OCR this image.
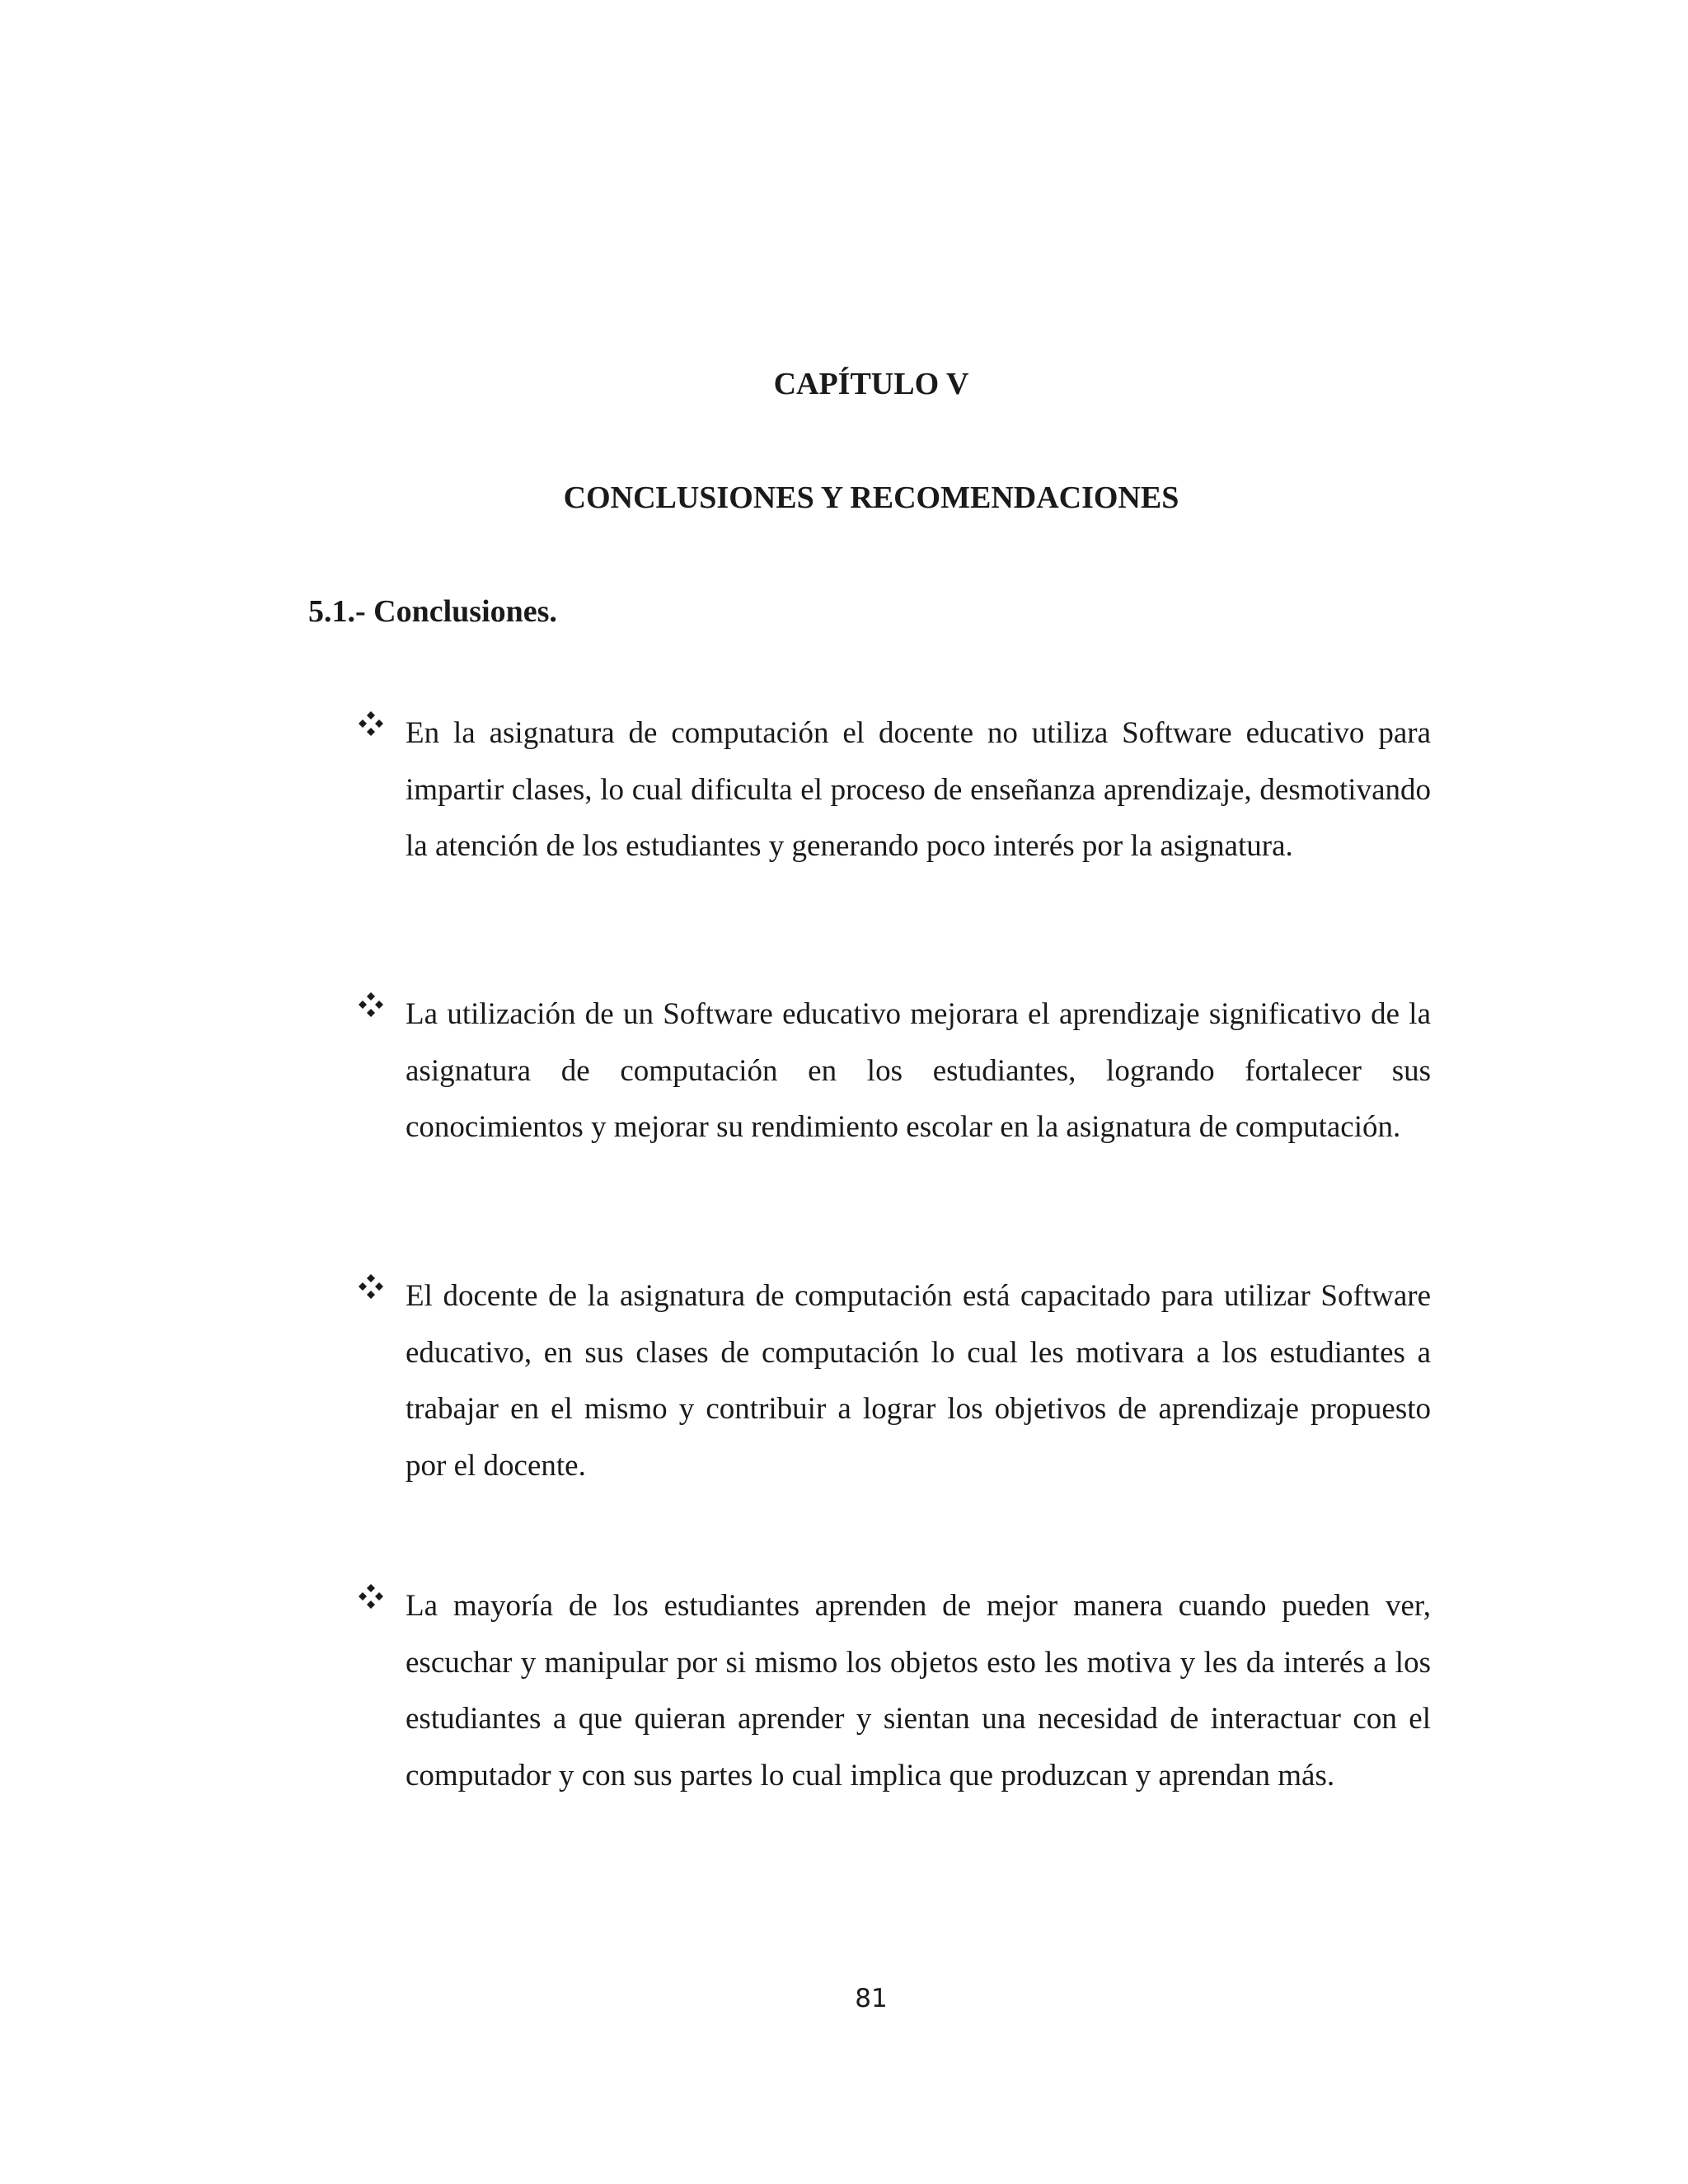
CAPÍTULO V
CONCLUSIONES Y RECOMENDACIONES
5.1.- Conclusiones.

En la asignatura de computación el docente no utiliza Software educativo para impartir clases, lo cual dificulta el proceso de enseñanza aprendizaje, desmotivando la atención de los estudiantes y generando poco interés por la asignatura.

La utilización de un Software educativo mejorara el aprendizaje significativo de la asignatura de computación en los estudiantes, logrando fortalecer sus conocimientos y mejorar su rendimiento escolar en la asignatura de computación.

El docente de la asignatura de computación está capacitado para utilizar Software educativo, en sus clases de computación lo cual les motivara a los estudiantes a trabajar en el mismo y contribuir a lograr los objetivos de aprendizaje propuesto por el docente.

La mayoría de los estudiantes aprenden de mejor manera cuando pueden ver, escuchar y manipular por si mismo los objetos esto les motiva y les da interés a los estudiantes a que quieran aprender y sientan una necesidad de interactuar con el computador y con sus partes lo cual implica que produzcan y aprendan más.

81
